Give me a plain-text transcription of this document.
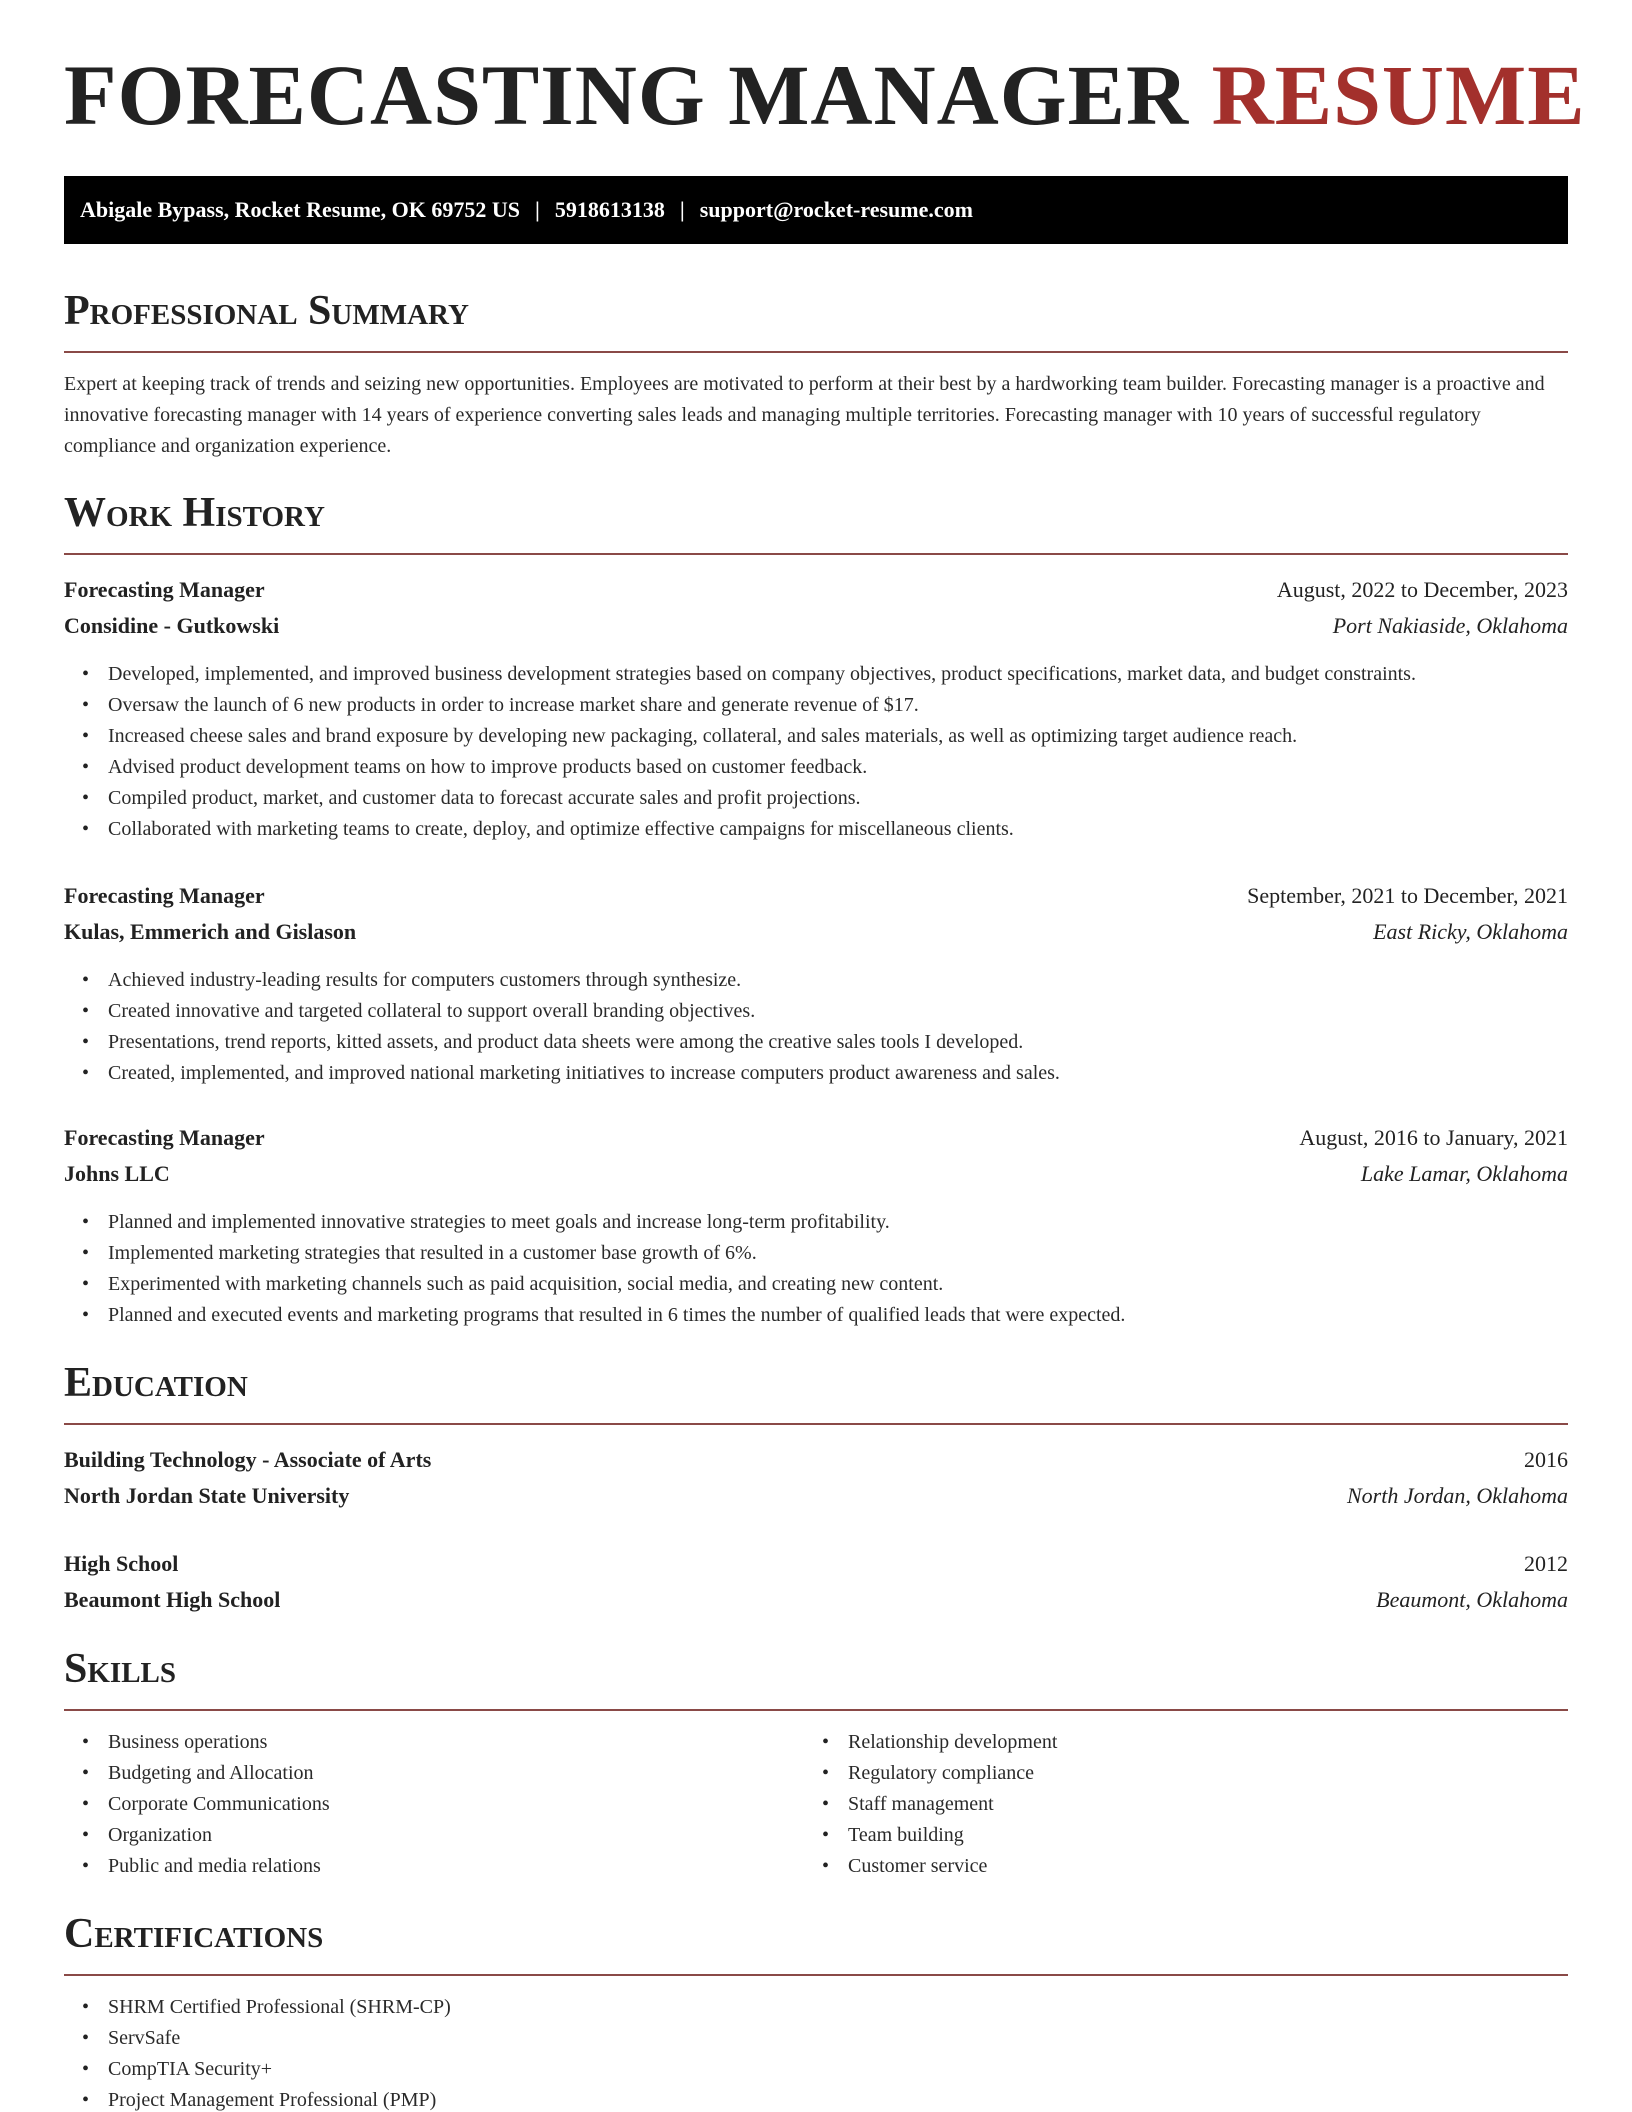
FORECASTING MANAGER RESUME
Abigale Bypass, Rocket Resume, OK 69752 US | 5918613138 | support@rocket-resume.com
Professional Summary
Expert at keeping track of trends and seizing new opportunities. Employees are motivated to perform at their best by a hardworking team builder. Forecasting manager is a proactive and innovative forecasting manager with 14 years of experience converting sales leads and managing multiple territories. Forecasting manager with 10 years of successful regulatory compliance and organization experience.
Work History
Forecasting Manager	August, 2022 to December, 2023
Considine - Gutkowski	Port Nakiaside, Oklahoma
• Developed, implemented, and improved business development strategies based on company objectives, product specifications, market data, and budget constraints.
• Oversaw the launch of 6 new products in order to increase market share and generate revenue of $17.
• Increased cheese sales and brand exposure by developing new packaging, collateral, and sales materials, as well as optimizing target audience reach.
• Advised product development teams on how to improve products based on customer feedback.
• Compiled product, market, and customer data to forecast accurate sales and profit projections.
• Collaborated with marketing teams to create, deploy, and optimize effective campaigns for miscellaneous clients.
Forecasting Manager	September, 2021 to December, 2021
Kulas, Emmerich and Gislason	East Ricky, Oklahoma
• Achieved industry-leading results for computers customers through synthesize.
• Created innovative and targeted collateral to support overall branding objectives.
• Presentations, trend reports, kitted assets, and product data sheets were among the creative sales tools I developed.
• Created, implemented, and improved national marketing initiatives to increase computers product awareness and sales.
Forecasting Manager	August, 2016 to January, 2021
Johns LLC	Lake Lamar, Oklahoma
• Planned and implemented innovative strategies to meet goals and increase long-term profitability.
• Implemented marketing strategies that resulted in a customer base growth of 6%.
• Experimented with marketing channels such as paid acquisition, social media, and creating new content.
• Planned and executed events and marketing programs that resulted in 6 times the number of qualified leads that were expected.
Education
Building Technology - Associate of Arts	2016
North Jordan State University	North Jordan, Oklahoma
High School	2012
Beaumont High School	Beaumont, Oklahoma
Skills
• Business operations
• Budgeting and Allocation
• Corporate Communications
• Organization
• Public and media relations
• Relationship development
• Regulatory compliance
• Staff management
• Team building
• Customer service
Certifications
• SHRM Certified Professional (SHRM-CP)
• ServSafe
• CompTIA Security+
• Project Management Professional (PMP)
